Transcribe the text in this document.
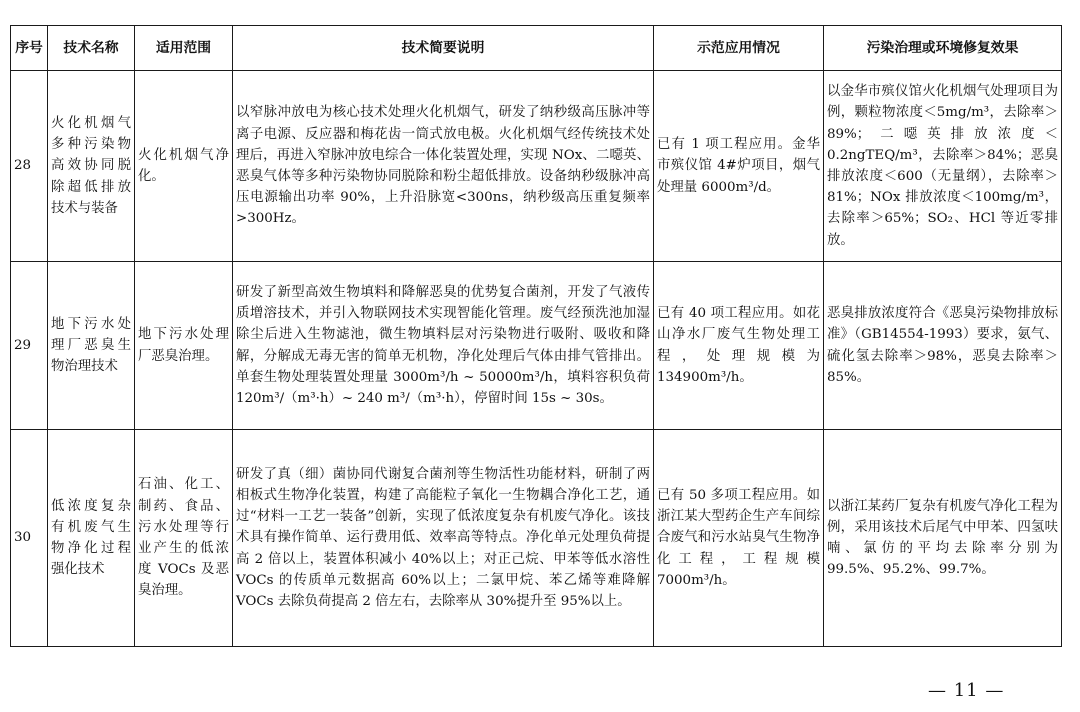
序号	技术名称	适用范围	技术简要说明	示范应用情况	污染治理或环境修复效果
28	火化机烟气多种污染物高效协同脱除超低排放技术与装备	火化机烟气净化。	以窄脉冲放电为核心技术处理火化机烟气，研发了纳秒级高压脉冲等离子电源、反应器和梅花齿一筒式放电极。火化机烟气经传统技术处理后，再进入窄脉冲放电综合一体化装置处理，实现 NOx、二噁英、恶臭气体等多种污染物协同脱除和粉尘超低排放。设备纳秒级脉冲高压电源输出功率 90%，上升沿脉宽<300ns，纳秒级高压重复频率>300Hz。	已有 1 项工程应用。金华市殡仪馆 4#炉项目，烟气处理量 6000m³/d。	以金华市殡仪馆火化机烟气处理项目为例，颗粒物浓度＜5mg/m³，去除率＞89%；二噁英排放浓度＜0.2ngTEQ/m³，去除率＞84%；恶臭排放浓度＜600（无量纲），去除率＞81%；NOx 排放浓度＜100mg/m³，去除率＞65%；SO₂、HCl 等近零排放。
29	地下污水处理厂恶臭生物治理技术	地下污水处理厂恶臭治理。	研发了新型高效生物填料和降解恶臭的优势复合菌剂，开发了气液传质增溶技术，并引入物联网技术实现智能化管理。废气经预洗池加湿除尘后进入生物滤池，微生物填料层对污染物进行吸附、吸收和降解，分解成无毒无害的简单无机物，净化处理后气体由排气管排出。单套生物处理装置处理量 3000m³/h ~ 50000m³/h，填料容积负荷 120m³/（m³·h）~ 240 m³/（m³·h），停留时间 15s ~ 30s。	已有 40 项工程应用。如花山净水厂废气生物处理工程，处理规模为 134900m³/h。	恶臭排放浓度符合《恶臭污染物排放标准》（GB14554-1993）要求，氨气、硫化氢去除率＞98%，恶臭去除率＞85%。
30	低浓度复杂有机废气生物净化过程强化技术	石油、化工、制药、食品、污水处理等行业产生的低浓度 VOCs 及恶臭治理。	研发了真（细）菌协同代谢复合菌剂等生物活性功能材料，研制了两相板式生物净化装置，构建了高能粒子氧化一生物耦合净化工艺，通过“材料一工艺一装备”创新，实现了低浓度复杂有机废气净化。该技术具有操作简单、运行费用低、效率高等特点。净化单元处理负荷提高 2 倍以上，装置体积减小 40%以上；对正己烷、甲苯等低水溶性 VOCs 的传质单元数据高 60%以上；二氯甲烷、苯乙烯等难降解 VOCs 去除负荷提高 2 倍左右，去除率从 30%提升至 95%以上。	已有 50 多项工程应用。如浙江某大型药企生产车间综合废气和污水站臭气生物净化工程，工程规模 7000m³/h。	以浙江某药厂复杂有机废气净化工程为例，采用该技术后尾气中甲苯、四氢呋喃、氯仿的平均去除率分别为 99.5%、95.2%、99.7%。
— 11 —
